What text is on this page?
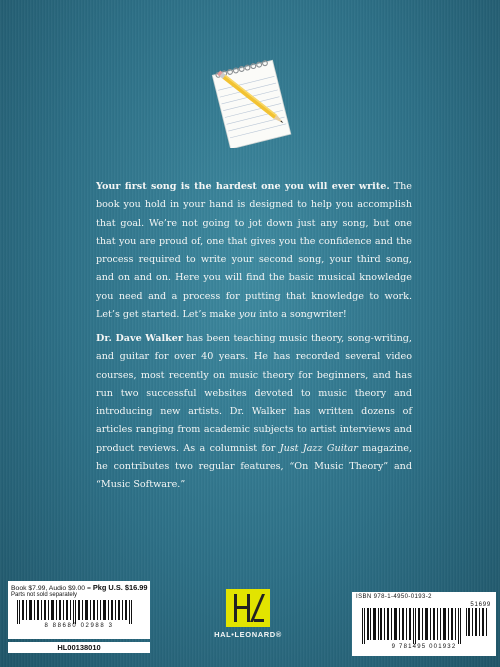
Your first song is the hardest one you will ever write. The book you hold in your hand is designed to help you accomplish that goal. We’re not going to jot down just any song, but one that you are proud of, one that gives you the confidence and the process required to write your second song, your third song, and on and on. Here you will find the basic musical knowledge you need and a process for putting that knowledge to work. Let’s get started. Let’s make you into a songwriter!

Dr. Dave Walker has been teaching music theory, song-writing, and guitar for over 40 years. He has recorded several video courses, most recently on music theory for beginners, and has run two successful websites devoted to music theory and introducing new artists. Dr. Walker has written dozens of articles ranging from academic subjects to artist interviews and product reviews. As a columnist for Just Jazz Guitar magazine, he contributes two regular features, “On Music Theory” and “Music Software.”

Book $7.99, Audio $9.00 = Pkg U.S. $16.99
Parts not sold separately
8 88680 02988 3
HL00138010
HAL•LEONARD®
ISBN 978-1-4950-0193-2
51699
9 781495 001932
